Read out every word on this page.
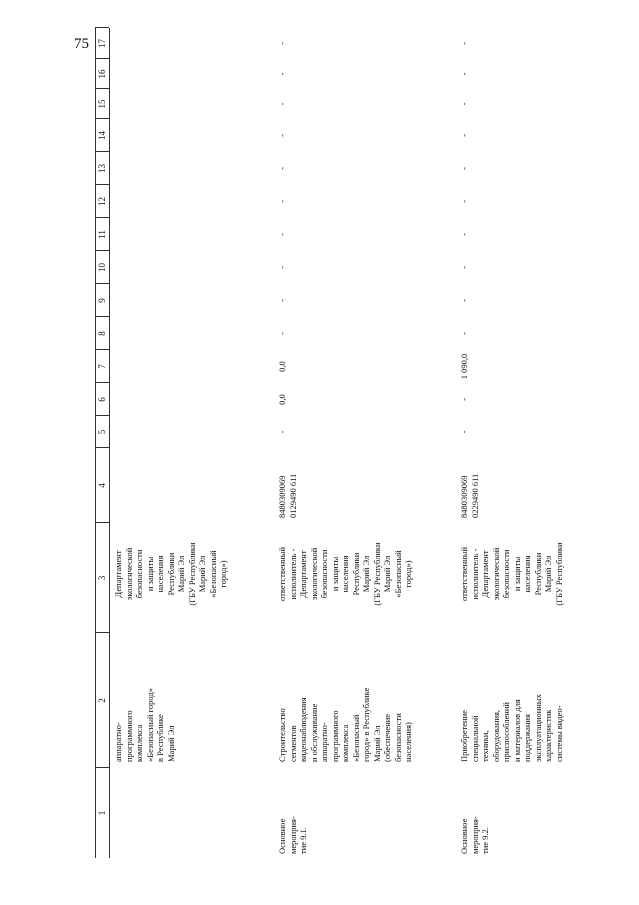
75
1
2
3
4
5
6
7
8
9
10
11
12
13
14
15
16
17
аппаратно-
программного
комплекса
«Безопасный город»
в Республике
Марий Эл
Департамент
экологической
безопасности
и защиты
населения
Республики
Марий Эл
(ГБУ Республики
Марий Эл
«Безопасный
город»)
Основное
мероприя-
тие 9.1.
Строительство
сегментов
видеонаблюдения
и обслуживание
аппаратно-
программного
комплекса
«Безопасный
город» в Республике
Марий Эл
(обеспечение
безопасности
населения)
ответственный
исполнитель -
Департамент
экологической
безопасности
и защиты
населения
Республики
Марий Эл
(ГБУ Республики
Марий Эл
«Безопасный
город»)
8480309069
0129490 611
Основное
мероприя-
тие 9.2.
Приобретение
специальной
техники,
оборудования,
приспособлений
и материалов для
поддержания
эксплуатационных
характеристик
системы видео-
ответственный
исполнитель -
Департамент
экологической
безопасности
и защиты
населения
Республики
Марий Эл
(ГБУ Республики
8480309069
0229490 611
-
0,0
0,0
-
-
-
-
-
-
-
-
-
-
-
-
1 090,0
-
-
-
-
-
-
-
-
-
-
